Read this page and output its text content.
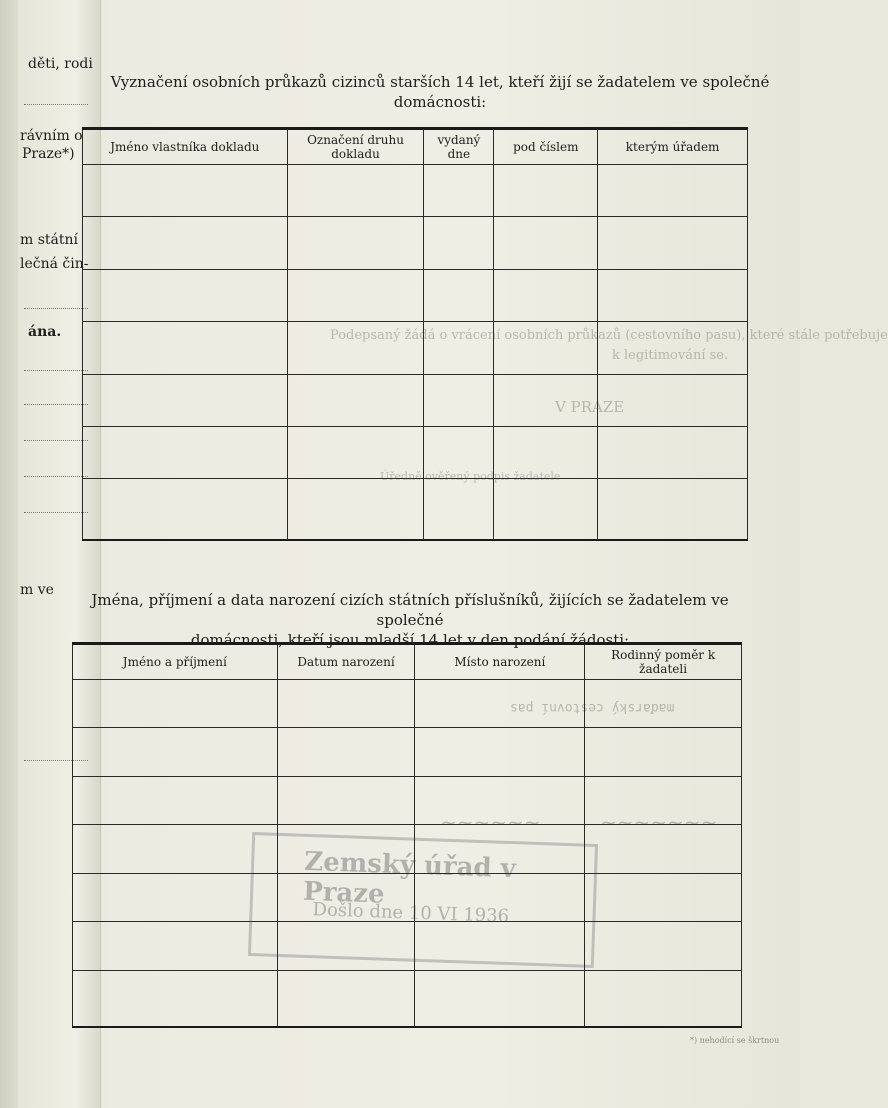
děti, rodi
rávním o
Praze*)
m státní
lečná čin-
ána.
m ve
Podepsaný žádá o vrácení osobních průkazů (cestovního pasu), které stále potřebuje
k legitimování se.
V PRAZE
Úředně ověřený podpis žadatele
maďarský cestovní pas
Zemský úřad v Praze
Došlo dne 10 VI 1936
~~~~~~~
~~~~~~
Vyznačení osobních průkazů cizinců starších 14 let, kteří žijí se žadatelem ve společné
domácnosti:
Jméno vlastníka dokladu	Označení druhu dokladu	vydaný dne	pod číslem	kterým úřadem

Jména, příjmení a data narození cizích státních příslušníků, žijících se žadatelem ve společné
domácnosti, kteří jsou mladší 14 let v den podání žádosti:
Jméno a příjmení	Datum narození	Místo narození	Rodinný poměr k žadateli

*) nehodící se škrtnou
